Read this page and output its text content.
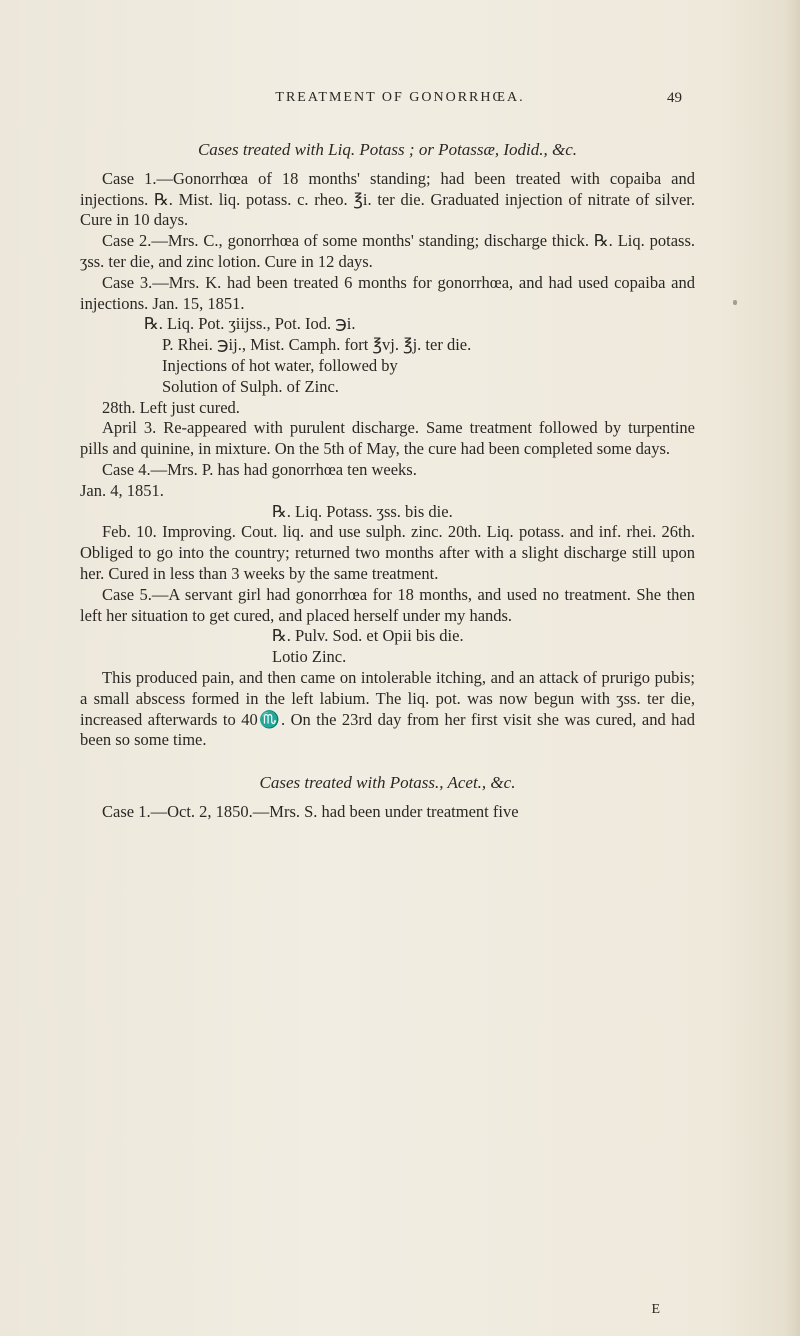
TREATMENT OF GONORRHŒA.	49

Cases treated with Liq. Potass ; or Potassæ, Iodid., &c.

Case 1.—Gonorrhœa of 18 months' standing; had been treated with copaiba and injections. ℞. Mist. liq. potass. c. rheo. ℥i. ter die. Graduated injection of nitrate of silver. Cure in 10 days.

Case 2.—Mrs. C., gonorrhœa of some months' standing; discharge thick. ℞. Liq. potass. ʒss. ter die, and zinc lotion. Cure in 12 days.

Case 3.—Mrs. K. had been treated 6 months for gonorrhœa, and had used copaiba and injections. Jan. 15, 1851.

℞. Liq. Pot. ʒiijss., Pot. Iod. ℈i.

P. Rhei. ℈ij., Mist. Camph. fort ℥vj. ℥j. ter die.

Injections of hot water, followed by

Solution of Sulph. of Zinc.

28th. Left just cured.

April 3. Re-appeared with purulent discharge. Same treatment followed by turpentine pills and quinine, in mixture. On the 5th of May, the cure had been completed some days.

Case 4.—Mrs. P. has had gonorrhœa ten weeks.

Jan. 4, 1851.

℞. Liq. Potass. ʒss. bis die.

Feb. 10. Improving. Cout. liq. and use sulph. zinc. 20th. Liq. potass. and inf. rhei. 26th. Obliged to go into the country; returned two months after with a slight discharge still upon her. Cured in less than 3 weeks by the same treatment.

Case 5.—A servant girl had gonorrhœa for 18 months, and used no treatment. She then left her situation to get cured, and placed herself under my hands.

℞. Pulv. Sod. et Opii bis die.

Lotio Zinc.

This produced pain, and then came on intolerable itching, and an attack of prurigo pubis; a small abscess formed in the left labium. The liq. pot. was now begun with ʒss. ter die, increased afterwards to 40♏. On the 23rd day from her first visit she was cured, and had been so some time.

Cases treated with Potass., Acet., &c.

Case 1.—Oct. 2, 1850.—Mrs. S. had been under treatment five

E
